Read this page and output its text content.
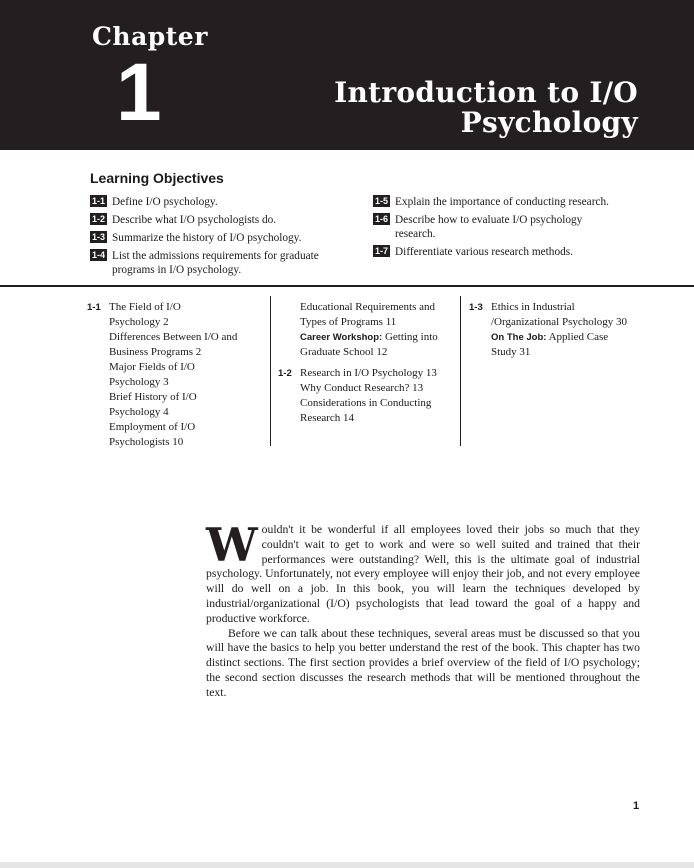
Chapter
1	Introduction to I/O
Psychology
Learning Objectives
1-1 Define I/O psychology.
1-2 Describe what I/O psychologists do.
1-3 Summarize the history of I/O psychology.
1-4 List the admissions requirements for graduate
programs in I/O psychology.
1-5 Explain the importance of conducting research.
1-6 Describe how to evaluate I/O psychology
research.
1-7 Differentiate various research methods.
1-1 The Field of I/O
Psychology 2
Differences Between I/O and
Business Programs 2
Major Fields of I/O
Psychology 3
Brief History of I/O
Psychology 4
Employment of I/O
Psychologists 10
Educational Requirements and
Types of Programs 11
Career Workshop: Getting into
Graduate School 12
1-2 Research in I/O Psychology 13
Why Conduct Research? 13
Considerations in Conducting
Research 14
1-3 Ethics in Industrial
/Organizational Psychology 30
On The Job: Applied Case
Study 31

Wouldn't it be wonderful if all employees loved their jobs so much that they couldn't wait to get to work and were so well suited and trained that their performances were outstanding? Well, this is the ultimate goal of industrial psychology. Unfortunately, not every employee will enjoy their job, and not every employee will do well on a job. In this book, you will learn the techniques developed by industrial/organizational (I/O) psychologists that lead toward the goal of a happy and productive workforce.

Before we can talk about these techniques, several areas must be discussed so that you will have the basics to help you better understand the rest of the book. This chapter has two distinct sections. The first section provides a brief overview of the field of I/O psychology; the second section discusses the research methods that will be mentioned throughout the text.

1
